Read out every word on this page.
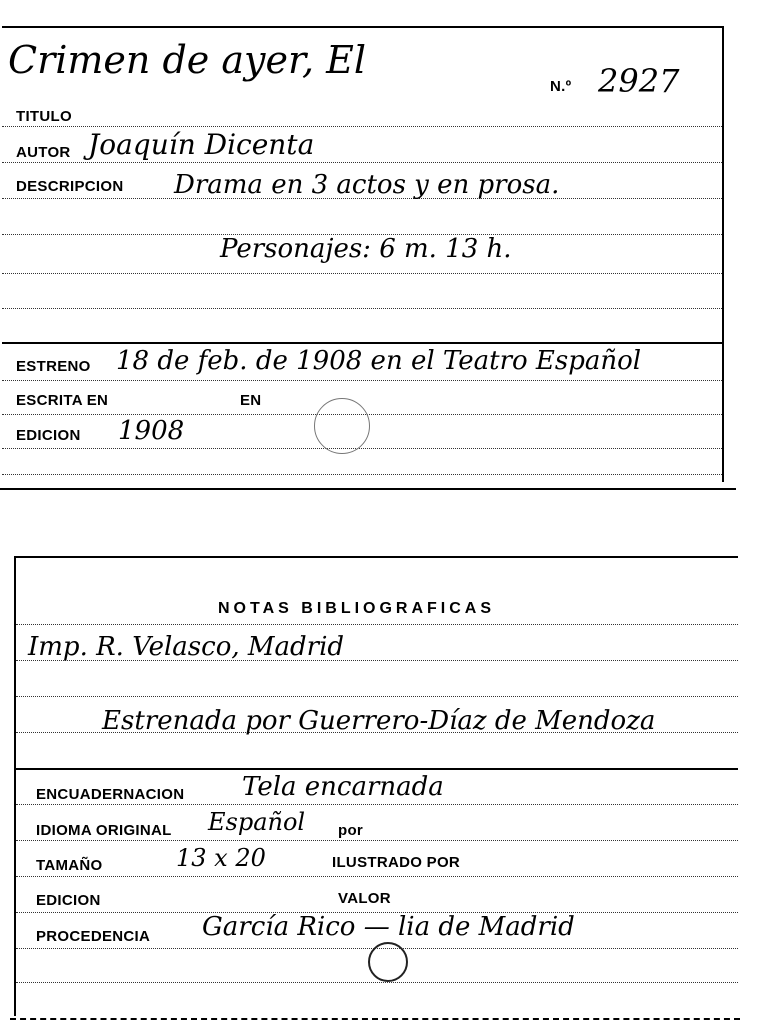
Crimen de ayer, El
N.º 2927
TITULO
AUTOR Joaquín Dicenta
DESCRIPCION Drama en 3 actos y en prosa.
Personajes: 6 m. 13 h.
ESTRENO 18 de feb. de 1908 en el Teatro Español
ESCRITA EN	EN
EDICION 1908
NOTAS BIBLIOGRAFICAS
Imp. R. Velasco, Madrid
Estrenada por Guerrero-Díaz de Mendoza
ENCUADERNACION Tela encarnada
IDIOMA ORIGINAL Español por
TAMAÑO	13 x 20	ILUSTRADO POR
EDICION	VALOR
PROCEDENCIA García Rico — lia de Madrid
